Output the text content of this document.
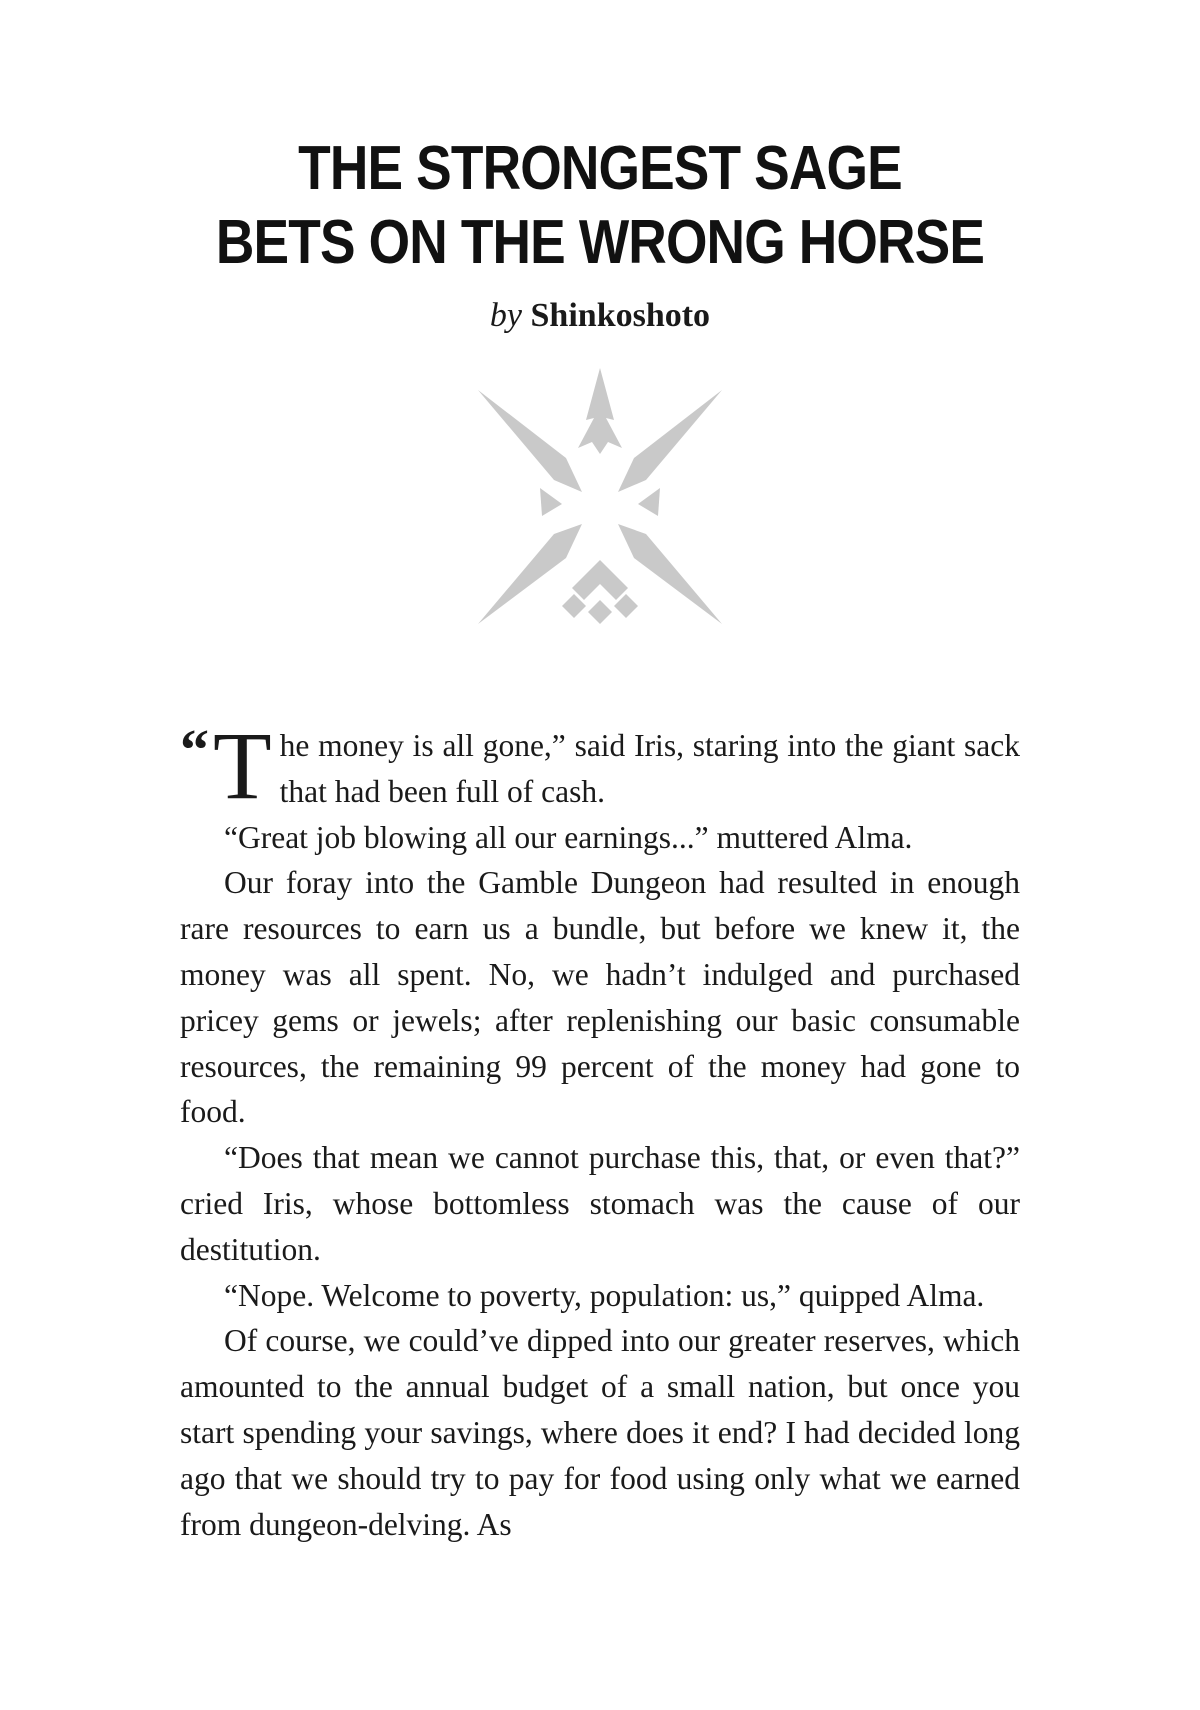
THE STRONGEST SAGE
BETS ON THE WRONG HORSE
by Shinkoshoto

“ T he money is all gone,” said Iris, staring into the giant sack that had been full of cash.

“Great job blowing all our earnings...” muttered Alma.

Our foray into the Gamble Dungeon had resulted in enough rare resources to earn us a bundle, but before we knew it, the money was all spent. No, we hadn’t indulged and purchased pricey gems or jewels; after replenishing our basic consumable resources, the remaining 99 percent of the money had gone to food.

“Does that mean we cannot purchase this, that, or even that?” cried Iris, whose bottomless stomach was the cause of our destitution.

“Nope. Welcome to poverty, population: us,” quipped Alma.

Of course, we could’ve dipped into our greater reserves, which amounted to the annual budget of a small nation, but once you start spending your savings, where does it end? I had decided long ago that we should try to pay for food using only what we earned from dungeon-delving. As
